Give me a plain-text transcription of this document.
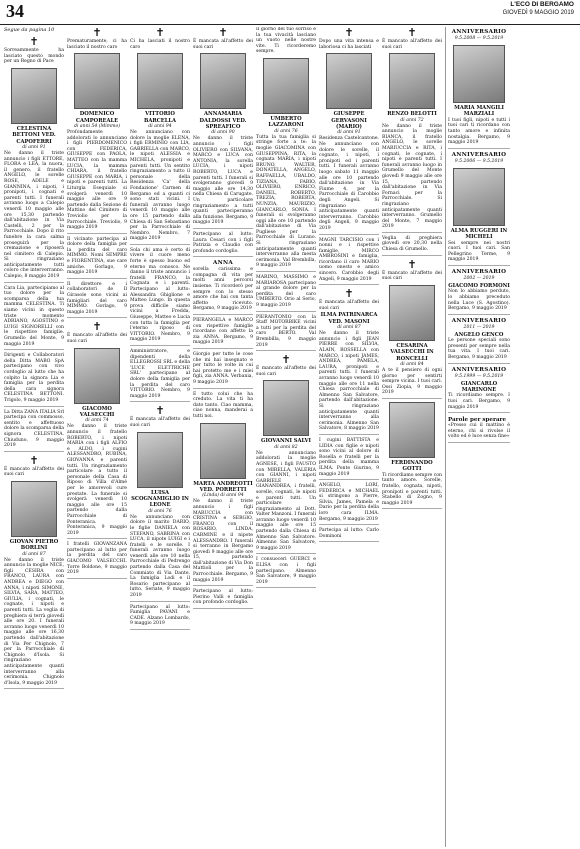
34	L'ECO DI BERGAMO
GIOVEDÌ 9 MAGGIO 2019
Segue da pagina 10
✝
Sorreammente ha lasciato questo mondo per un Regno di Pace
CELESTINA BETTONI VED. CAPOFERRI
di anni 91
Ne danno il triste annuncio i figli ETTORE, FLORA e LEA, la nuora, il genero, il fratello ANGELO, le sorelle ROSE, ADELE e GIANNINA, i nipoti, i pronipoti, i cognati e parenti tutti. I funerali avranno luogo a Calepio venerdì 10 maggio alle ore 15,30 partendo dall'abitazione in Via Castelli, 2 per la Parrocchiale. Dopo il rito funebre la cara salma proseguirà per la cremazione e riposerà nel cimitero di Calepio. Si ringraziano anticipatamente tutti coloro che interverranno. Calepio, 8 maggio 2019
Cara Lia, partecipiamo al tuo dolore per la scomparsa della tua mamma CELESTINA. Ti siamo vicini in questo triste momento ADRIANO, AGOSTINO e LUIGI SIGNORELLI con le rispettive famiglie. Grumello del Monte, 9 maggio 2019
Dirigenti e Collaboratori della Ditta MABO SpA partecipano con vivo cordoglio al lutto che ha colpito la signora Lia e famiglia per la perdita della cara signora CELESTINA BETTONI. Trigolo, 9 maggio 2019
La Ditta ZANA ITALIA Srl partecipa con commosso, sentito e affettuoso dolore la scomparsa della signora CELESTINA. Chiuduno, 9 maggio 2019
✝
È mancato all'affetto dei suoi cari
GIOVAN PIETRO BORLINI
di anni 87
Ne danno il triste annuncio la moglie NICE, figli CESIRA con FRANCO, LAURA con ANDREA e DIEGO con ANNA, i nipoti SIMONE, SILVIA, SARA, MATTEO, GIULIA, i cognati, le cognate, i nipoti e parenti tutti. La veglia di preghiera si terrà giovedì alle ore 20. I funerali avranno luogo venerdì 10 maggio alle ore 16,30 partendo dall'abitazione di Via Per Chignolo, 7 per la Parrocchiale di Chignolo d'Isola. Si ringraziano anticipatamente quanti interverranno alla cerimonia. Chignolo d'Isola, 9 maggio 2019
✝
Prematuramente, ci ha lasciato il nostro caro
DOMENICO CAMPOREALE
di anni 54 (Mimmo)
Profondamente addolorati lo annunciano i figli PIERDOMENICO con FEDERICA, GIUSEPPE con PAOLA, MATTEO con la mamma LUCIA, la mamma CHIARA, il fratello GIUSEPPE con MARIA, i nipoti e parenti tutti. La Liturgia Esequiale si svolgerà venerdì 10 maggio alle ore 9 partendo dalla Sezione di Mattino del Cimitero di Treviolio per la Parrocchiale. Treviolio, 9 maggio 2019
Il vicinato partecipa al dolore della famiglia per la perdita del caro MIMMO. Nomi SEMPRE e FIORENTINA, sue care amiche. Gorlago, 9 maggio 2019
Il direttore e i collaboratori de Il Girasole sono vicini ai famigliari del caro MIMMO. Gorlago, 9 maggio 2019
✝
È mancato all'affetto dei suoi cari
GIACOMO VALSECCHI
di anni 74
Ne danno il triste annuncio il fratello ROBERTO, i nipoti MARIA con i figli ALFIO e ALDO, i cugini ALESSANDRO, RUBINA, GIOVANNA e parenti tutti. Un ringraziamento particolare a tutto il personale della Casa di Riposo di Villa d'Almè per le amorevoli cure prestate. La funerale si svolgerà venerdì 10 maggio alle ore 15 partendo dalla Parrocchiale di Ponteranica. Ponteranica, 9 maggio 2019
I fratelli GIOVANZANA partecipano al lutto per la perdita del caro GIACOMO VALSECCHI. Torre Boldone, 9 maggio 2019
✝
Ci ha lasciati il nostro caro
VITTORIO BARCELLA
di anni 94
Ne annunciano con dolore la moglie ELENA, i figli ERMINIO con LIA, GABRIELLA con MARCO, le nipoti ALESSIA e MICHELA, pronipoti e parenti tutti. Un sentito ringraziamento a tutto il personale della Residenza 'Ca' della Fondazione' Carmen di Bergamo ed a quanti ci sono stati vicini. I funerali avranno luogo venerdì 10 maggio alle ore 15 partendo dalla Chiesa di San Sebastiano per la Parrocchiale di Nembro. Nembro, 7 maggio 2019
Sola chi ama è certo di vivere il cuore meno forte è spesso buono ed eterno ma conosco. Ne danno il triste annuncio i fratelli FRANCO, la Cognata e i parenti. Partecipano al lutto: Alessandra Ghiglione e Matteo Lungo. In questa prova difficile siamo vicini a Fredda, Giuseppe, Matteo e Lucia con tutta la famiglia per l'eterno riposo di VITTORIO. Nembro, 9 maggio 2019
Amministratore, e dipendenti della ELLEGROSSI SRL e della 'LUCE ELETTRICHE SRL' partecipano al dolore della famiglia per la perdita del caro VITTORIO. Nembro, 9 maggio 2019
✝
È mancata all'affetto dei suoi cari
LUISA SCOGNAMIGLIO IN LEONE
di anni 76
Ne annunciano con dolore il marito DARIO, le figlie DANIELA con STEFANO, SABRINA con LUCA, il nipote LUIGI e i fratelli e le sorelle. I funerali avranno luogo venerdì alle ore 10 nella Parrocchiale di Pedrengo partendo dalla Casa del Commiato di Via Dante. La famiglia Lodi e il Rosario partecipano al lutto. Seriate, 9 maggio 2019
Partecipano al lutto: Famiglia PAVANI e CADE. Alzano Lombardo, 9 maggio 2019
✝
È mancata all'affetto dei suoi cari
ANNAMARIA DALDOSSI VED. SPREAFICO
di anni 90
Ne danno il triste annuncio i figli OLIVIERO con SILVANA, MARCO e LUCA con ANTONIA, la sorella LUCIA, i nipoti ROBERTO, LUCA e parenti tutti. I funerali si svolgeranno giovedì 9 maggio alle ore 14,30 nella Chiesa di Carugate. Un particolare ringraziamento a tutti quanti parteciperanno alla funzione. Bergamo, 9 maggio 2019
Partecipano al lutto: Laura Cesari con i figli Patrizia e Claudio con profondo cordoglio.
ANNA
sorella carissima e compagna di vita per molti anni percorsi insieme. Ti ricorderò per sempre con lo stesso amore che hai con tanta affetto ricevuto. Bergamo, 9 maggio 2019
PIERANGELA e MARCO con rispettive famiglie ricordano con affetto la zia ANNA. Bergamo, 9 maggio 2019
Giorgio per tutte le cose che mi hai insegnato e per tutto le volte in cui hai protetto me e i miei figli, zia ANNA. Verbania, 9 maggio 2019
E tutto colui che ha creduto. La vita ti ha dato tanto. Ciao mamma, ciao nonna, manderai a tutti noi.
MARTA ANDREOTTI VED. PORRETTI
(Linda) di anni 94
Ne danno il triste annuncio i figli MARUCCIA con CRISTINA e SERGIO, FRANCO con il ROSARIO, LINDA, CARMINE e il nipote ALESSANDRO. I funerali si terranno in Bergamo giovedì 9 maggio alle ore 15, partendo dall'abitazione di Via Don Mattioli per la Parrocchiale. Bergamo, 9 maggio 2019
Partecipano al lutto: Pierino Valli e famiglia con profondo cordoglio.
Il giorno del tuo sorriso e la tua vivacità lasciano un vuoto nelle nostre vite. Ti ricorderemo sempre.
UMBERTO LAZZARONI
di anni 76
Tutta la tua famiglia si stringe forte a te: la moglie GIACOMINA con GIUSEPPINA, RITA, la cognata MARIA, i nipoti BRUNO, WALTER, DONATELLA, ANGELO, RAFFAELLA, UBALDO, TIZIANA, FABIO, OLIVIERO, ENRICO, DANIEL, ROBERTO, TREZIA, ROBERTA, NUNZIA, MAURIZIO, GIANCARLO, SONIA. I funerali si svolgeranno oggi alle ore 10 partendo dall'abitazione di Via Pugliese per la Parrocchiale di Lurano. Si ringraziano anticipatamente quanti interverranno alla mesta cerimonia. Val Brembilla, 9 maggio 2019
MARINO, MASSIMO e MARIAROSA partecipano al grande dolore per la perdita del caro UMBERTO. Orio al Serio, 9 maggio 2019
PIERANTONIO con la Staff MOTORBIKE vicini a tutti per la perdita del caro BERTO. Val Brembilla, 9 maggio 2019
✝
È mancato all'affetto dei suoi cari
GIOVANNI SALVI
di anni 82
Ne annunciano addolorati la moglie AGNESE, i figli FAUSTO con MIRELLA, VALERIA con GIANNI, i nipoti GABRIELE e GIANANDREA, i fratelli, sorelle, cognati, le nipoti e parenti tutti. Un particolare ringraziamento al Dott. Valter Manzoni. I funerali avranno luogo venerdì 10 maggio alle ore 15 partendo dalla Chiesa di Almenno San Salvatore. Almenno San Salvatore, 9 maggio 2019
I consuoceri GUERCI e ELISA con i figli partecipano. Almenno San Salvatore, 9 maggio 2019
✝
Dopo una vita intensa e laboriosa ci ha lasciati
GIUSEPPE GERVASONI (MARIO)
di anni 91
Residenza Castelcantone. Ne annunciano con dolore le sorelle, il cognato, i nipoti, i pronipoti ed i parenti tutti. I funerali avranno luogo sabato 11 maggio alle ore 10 partendo dall'abitazione in Via Fiume 4, per la Parrocchiale di Carobbio degli Angeli. Si ringraziano anticipatamente quanti interverranno. Carobbio degli Angeli, 9 maggio 2019
MAGNI TARCISIO con i nonni e i rispettive famiglie, MIRCO AMBROSINI e famiglia, ricordano il caro MARIO uomo onesto e amico sincero. Carobbio degli Angeli, 9 maggio 2019
✝
È mancata all'affetto dei suoi cari
ILMA PATRINARCA VED. MASONI
di anni 87
Ne danno il triste annuncio i figli JEAN PIERRE con SILVIA, ALAIN, ROSSELLA con MARCO, i nipoti JAMES, ANDREA, PAMELA, LAURA, pronipoti e parenti tutti. I funerali avranno luogo venerdì 10 maggio alle ore 11 nella Chiesa parrocchiale di Almenno San Salvatore, partendo dall'abitazione. Si ringraziano anticipatamente quanti interverranno alla cerimonia. Almenno San Salvatore, 8 maggio 2019
I cugini BATTISTA e LIDIA con figlie e nipoti sono vicini al dolore di Rosella e fratelli per la perdita della mamma ILMA. Ponte Giurino, 9 maggio 2019
ANGELO, LORI, FEDERICA e MICHAEL si stringono a Pierre, Silvia, James, Pamela e Dario per la perdita della loro cara ILMA. Bergamo, 9 maggio 2019
Partecipa al lutto: Carlo Dominoni
✝
È mancato all'affetto dei suoi cari
RENZO BELOTTI
di anni 72
Ne danno il triste annuncio la moglie BIANCA, il fratello ANGELO, le sorelle MARIUCCIA e RITA, i cognati, le cognate, i nipoti e parenti tutti. I funerali avranno luogo in Grumello del Monte giovedì 9 maggio alle ore 15, partendo dall'abitazione in Via Fornaci per la Parrocchiale. Si ringraziano anticipatamente quanti interverranno. Grumello del Monte, 7 maggio 2019
Veglia di preghiera giovedì ore 20,30 nella Chiesa di Grumello.
✝
È mancato all'affetto dei suoi cari
CESARINA VALSECCHI IN RONCELLI
di anni 84
A te il pensiero di ogni giorno per sentirti sempre vicina. I tuoi cari. Ossi Ziopia, 9 maggio 2019
FERDINANDO GOTTI
Ti ricordiamo sempre con tanto amore. Sorelle, fratello, cognata, nipoti, pronipoti e parenti tutti. Stabello di Zogno, 9 maggio 2019
ANNIVERSARIO
9.5.2008 — 9.5.2019
MARIA MANGILI MARZIALI
I tuoi figli, nipoti e tutti i tuoi cari ti ricordano con tanto amore e infinita nostalgia. Bergamo, 9 maggio 2019
ANNIVERSARIO
9.5.2006 — 9.5.2019
ALMA RUGGERI IN MICHELI
Sei sempre nei nostri cuori. I tuoi cari. San Pellegrino Terme, 9 maggio 2019
ANNIVERSARIO
2002 — 2019
GIACOMO FORMONI
Non lo abbiamo perduto, lo abbiamo preceduto nella Luce (S. Agostino). Bergamo, 9 maggio 2019
ANNIVERSARIO
2011 — 2019
ANGELO GENCO
Le persone speciali sono presenti per sempre nella tua vita. I tuoi cari. Bergamo, 9 maggio 2019
ANNIVERSARIO
9.5.1999 — 9.5.2019
GIANCARLO MARINONE
Ti ricordiamo sempre. I tuoi cari. Bergamo, 9 maggio 2019
Parole per sperare
«Presso cui il mattino è eterno, chi si rivolse il volto ed è luce senza fine»
